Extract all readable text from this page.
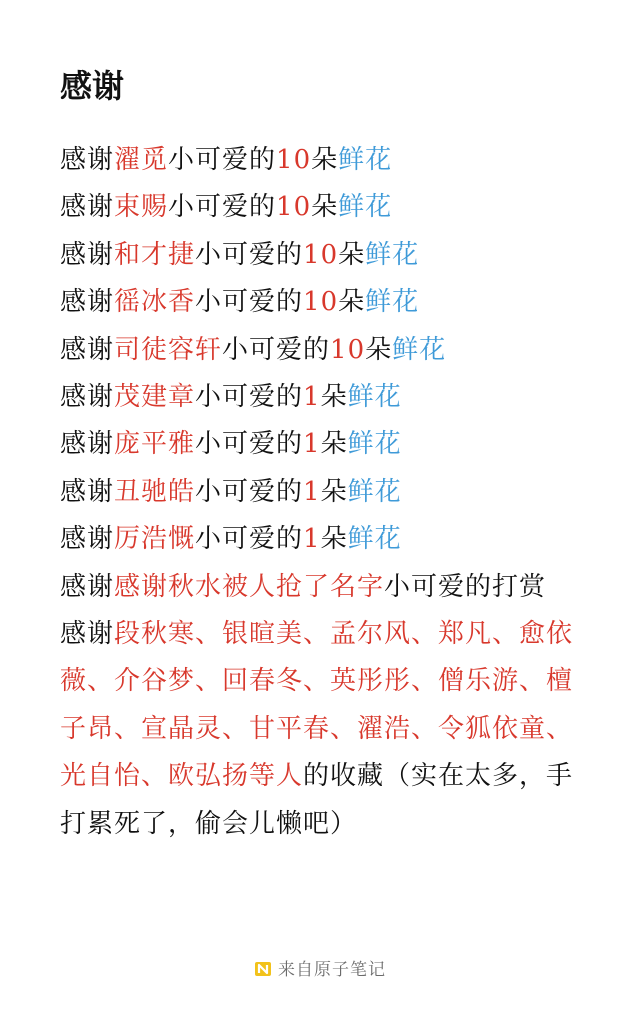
感谢
感谢濯觅小可爱的10朵鲜花
感谢束赐小可爱的10朵鲜花
感谢和才捷小可爱的10朵鲜花
感谢徭冰香小可爱的10朵鲜花
感谢司徒容轩小可爱的10朵鲜花
感谢茂建章小可爱的1朵鲜花
感谢庞平雅小可爱的1朵鲜花
感谢丑驰皓小可爱的1朵鲜花
感谢厉浩慨小可爱的1朵鲜花
感谢感谢秋水被人抢了名字小可爱的打赏
感谢段秋寒、银暄美、孟尔风、郑凡、愈依薇、介谷梦、回春冬、英彤彤、僧乐游、檀子昂、宣晶灵、甘平春、濯浩、令狐依童、光自怡、欧弘扬等人的收藏（实在太多，手打累死了，偷会儿懒吧）
来自原子笔记
